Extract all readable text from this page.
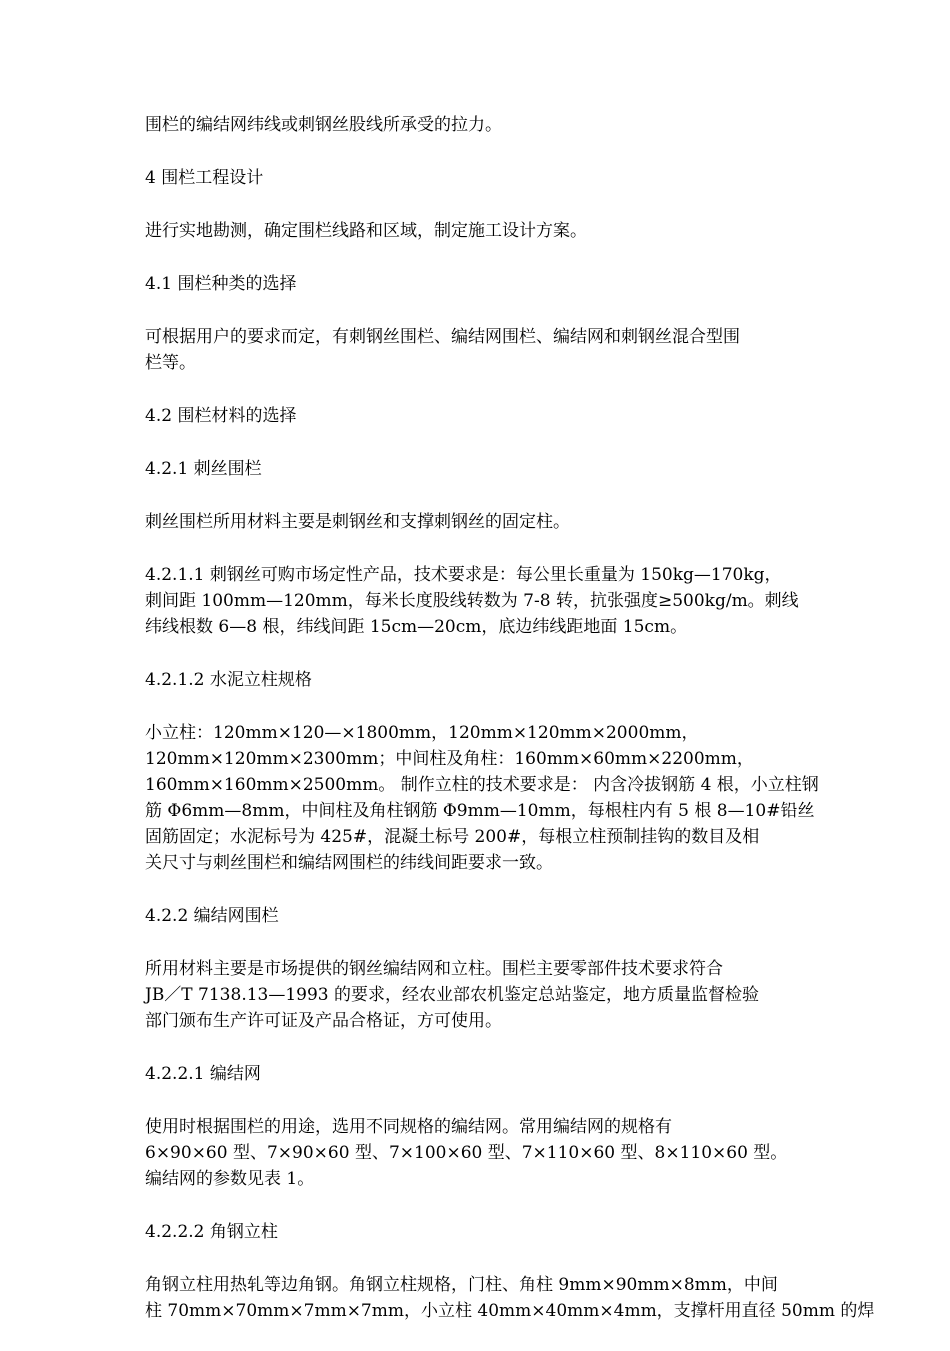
围栏的编结网纬线或刺钢丝股线所承受的拉力。
4 围栏工程设计
进行实地勘测，确定围栏线路和区域，制定施工设计方案。
4.1 围栏种类的选择
可根据用户的要求而定，有刺钢丝围栏、编结网围栏、编结网和刺钢丝混合型围
栏等。
4.2 围栏材料的选择
4.2.1 刺丝围栏
刺丝围栏所用材料主要是刺钢丝和支撑刺钢丝的固定柱。
4.2.1.1 刺钢丝可购市场定性产品，技术要求是：每公里长重量为 150kg—170kg，
刺间距 100mm—120mm，每米长度股线转数为 7-8 转，抗张强度≥500kg/m。刺线
纬线根数 6—8 根，纬线间距 15cm—20cm，底边纬线距地面 15cm。
4.2.1.2 水泥立柱规格
小立柱：120mm×120—×1800mm，120mm×120mm×2000mm，
120mm×120mm×2300mm；中间柱及角柱：160mm×60mm×2200mm，
160mm×160mm×2500mm。 制作立柱的技术要求是： 内含冷拔钢筋 4 根，小立柱钢
筋 Φ6mm—8mm，中间柱及角柱钢筋 Φ9mm—10mm，每根柱内有 5 根 8—10#铅丝
固筋固定；水泥标号为 425#，混凝土标号 200#，每根立柱预制挂钩的数目及相
关尺寸与刺丝围栏和编结网围栏的纬线间距要求一致。
4.2.2 编结网围栏
所用材料主要是市场提供的钢丝编结网和立柱。围栏主要零部件技术要求符合
JB／T 7138.13—1993 的要求，经农业部农机鉴定总站鉴定，地方质量监督检验
部门颁布生产许可证及产品合格证，方可使用。
4.2.2.1 编结网
使用时根据围栏的用途，选用不同规格的编结网。常用编结网的规格有
6×90×60 型、7×90×60 型、7×100×60 型、7×110×60 型、8×110×60 型。
编结网的参数见表 1。
4.2.2.2 角钢立柱
角钢立柱用热轧等边角钢。角钢立柱规格，门柱、角柱 9mm×90mm×8mm，中间
柱 70mm×70mm×7mm×7mm，小立柱 40mm×40mm×4mm，支撑杆用直径 50mm 的焊
